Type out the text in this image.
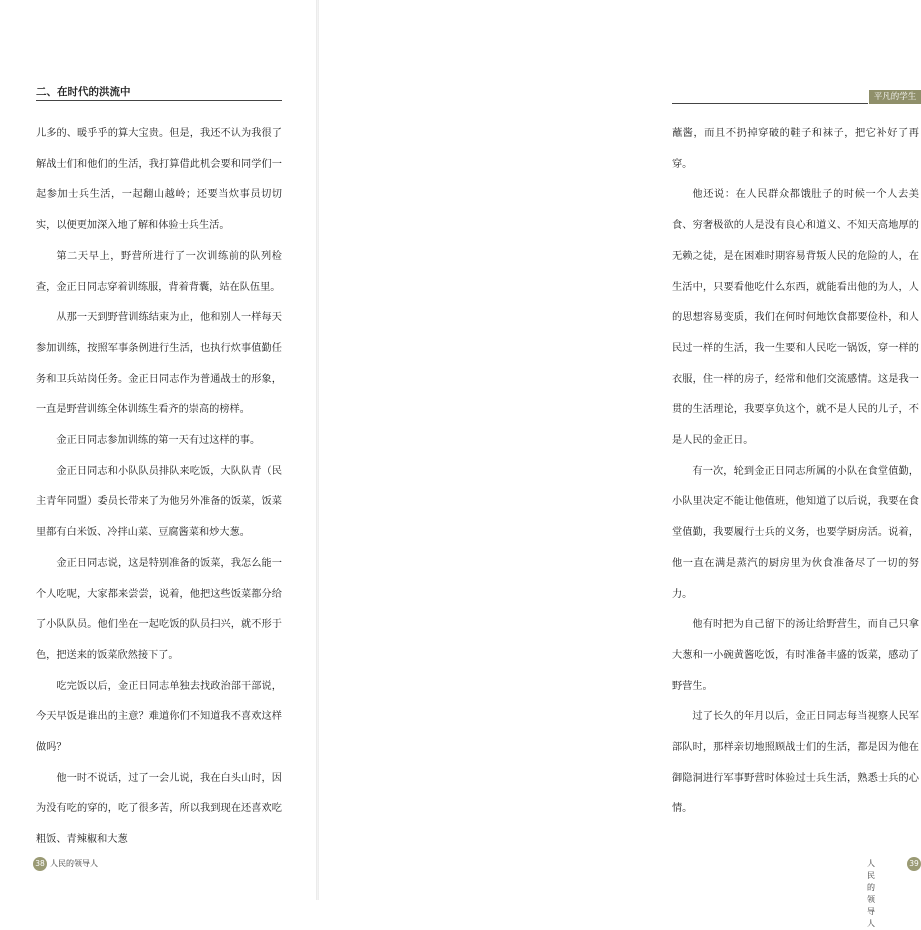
二、在时代的洪流中

儿多的、暖乎乎的算大宝贵。但是，我还不认为我很了解战士们和他们的生活，我打算借此机会要和同学们一起参加士兵生活，一起翻山越岭；还要当炊事员切切实，以便更加深入地了解和体验士兵生活。

第二天早上，野营所进行了一次训练前的队列检查，金正日同志穿着训练服，背着背囊，站在队伍里。

从那一天到野营训练结束为止，他和别人一样每天参加训练，按照军事条例进行生活，也执行炊事值勤任务和卫兵站岗任务。金正日同志作为普通战士的形象，一直是野营训练全体训练生看齐的崇高的榜样。

金正日同志参加训练的第一天有过这样的事。

金正日同志和小队队员排队来吃饭，大队队青（民主青年同盟）委员长带来了为他另外准备的饭菜，饭菜里都有白米饭、冷拌山菜、豆腐酱菜和炒大葱。

金正日同志说，这是特别准备的饭菜，我怎么能一个人吃呢，大家都来尝尝，说着，他把这些饭菜都分给了小队队员。他们坐在一起吃饭的队员扫兴，就不形于色，把送来的饭菜欣然接下了。

吃完饭以后，金正日同志单独去找政治部干部说，今天早饭是谁出的主意？难道你们不知道我不喜欢这样做吗？

他一时不说话，过了一会儿说，我在白头山时，因为没有吃的穿的，吃了很多苦，所以我到现在还喜欢吃粗饭、青辣椒和大葱

38 人民的领导人
平凡的学生

蘸酱，而且不扔掉穿破的鞋子和袜子，把它补好了再穿。

他还说：在人民群众都饿肚子的时候一个人去美食、穷奢极欲的人是没有良心和道义、不知天高地厚的无赖之徒，是在困难时期容易背叛人民的危险的人，在生活中，只要看他吃什么东西，就能看出他的为人，人的思想容易变质，我们在何时何地饮食都要俭朴，和人民过一样的生活，我一生要和人民吃一锅饭，穿一样的衣服，住一样的房子，经常和他们交流感情。这是我一贯的生活理论，我要享负这个，就不是人民的儿子，不是人民的金正日。

有一次，轮到金正日同志所属的小队在食堂值勤，小队里决定不能让他值班，他知道了以后说，我要在食堂值勤，我要履行士兵的义务，也要学厨房活。说着，他一直在满是蒸汽的厨房里为伙食准备尽了一切的努力。

他有时把为自己留下的汤让给野营生，而自己只拿大葱和一小碗黄酱吃饭，有时准备丰盛的饭菜，感动了野营生。

过了长久的年月以后，金正日同志每当视察人民军部队时，那样亲切地照顾战士们的生活，都是因为他在御隐洞进行军事野营时体验过士兵生活，熟悉士兵的心情。

人民的领导人
39
